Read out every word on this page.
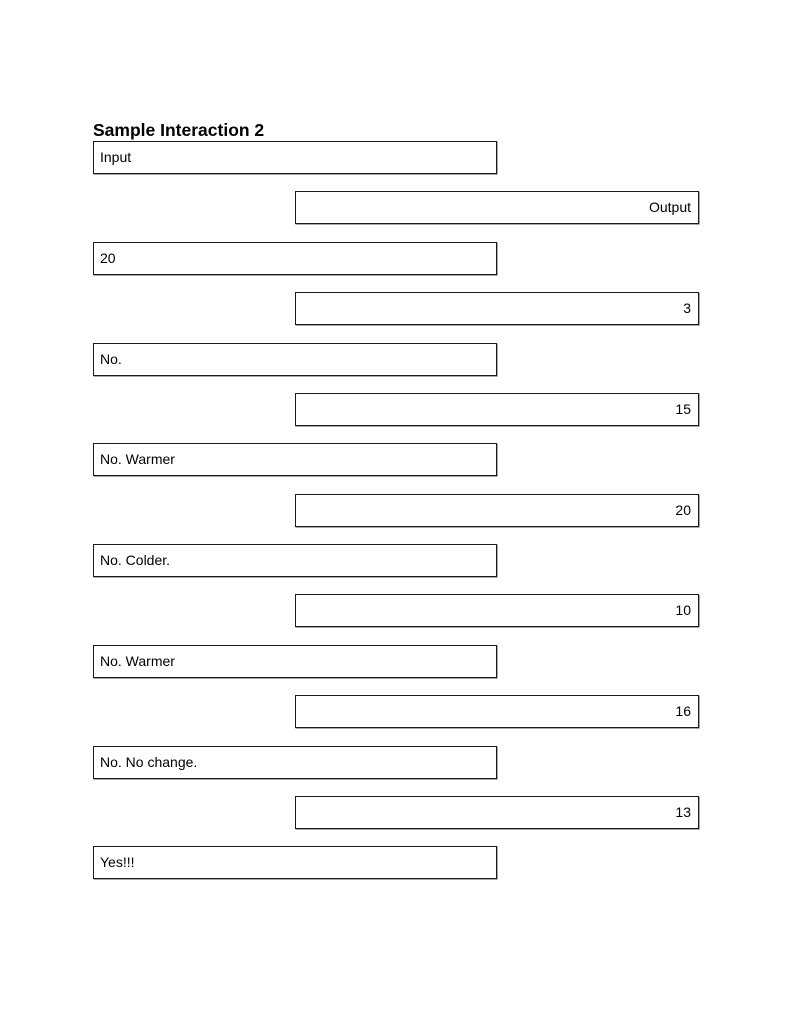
Sample Interaction 2
Input
Output
20
3
No.
15
No. Warmer
20
No. Colder.
10
No. Warmer
16
No. No change.
13
Yes!!!
